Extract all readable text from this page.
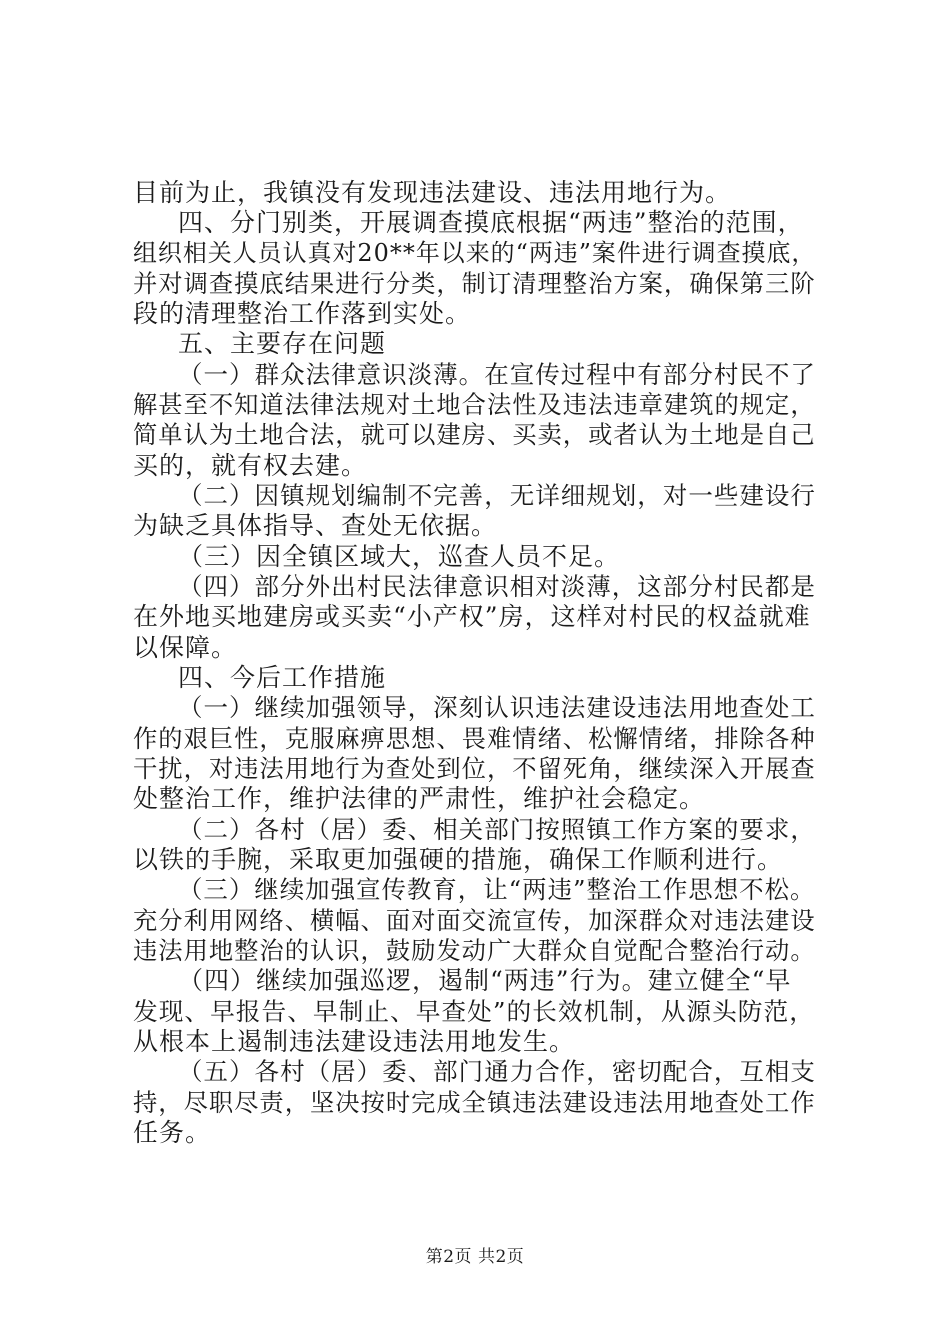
目前为止，我镇没有发现违法建设、违法用地行为。
四、分门别类，开展调查摸底根据“两违”整治的范围，
组织相关人员认真对20**年以来的“两违”案件进行调查摸底，
并对调查摸底结果进行分类，制订清理整治方案，确保第三阶
段的清理整治工作落到实处。
五、主要存在问题
（一）群众法律意识淡薄。在宣传过程中有部分村民不了
解甚至不知道法律法规对土地合法性及违法违章建筑的规定，
简单认为土地合法，就可以建房、买卖，或者认为土地是自己
买的，就有权去建。
（二）因镇规划编制不完善，无详细规划，对一些建设行
为缺乏具体指导、查处无依据。
（三）因全镇区域大，巡查人员不足。
（四）部分外出村民法律意识相对淡薄，这部分村民都是
在外地买地建房或买卖“小产权”房，这样对村民的权益就难
以保障。
四、今后工作措施
（一）继续加强领导，深刻认识违法建设违法用地查处工
作的艰巨性，克服麻痹思想、畏难情绪、松懈情绪，排除各种
干扰，对违法用地行为查处到位，不留死角，继续深入开展查
处整治工作，维护法律的严肃性，维护社会稳定。
（二）各村（居）委、相关部门按照镇工作方案的要求，
以铁的手腕，采取更加强硬的措施，确保工作顺利进行。
（三）继续加强宣传教育，让“两违”整治工作思想不松。
充分利用网络、横幅、面对面交流宣传，加深群众对违法建设
违法用地整治的认识，鼓励发动广大群众自觉配合整治行动。
（四）继续加强巡逻，遏制“两违”行为。建立健全“早
发现、早报告、早制止、早查处”的长效机制，从源头防范，
从根本上遏制违法建设违法用地发生。
（五）各村（居）委、部门通力合作，密切配合，互相支
持，尽职尽责，坚决按时完成全镇违法建设违法用地查处工作
任务。
第2页 共2页
